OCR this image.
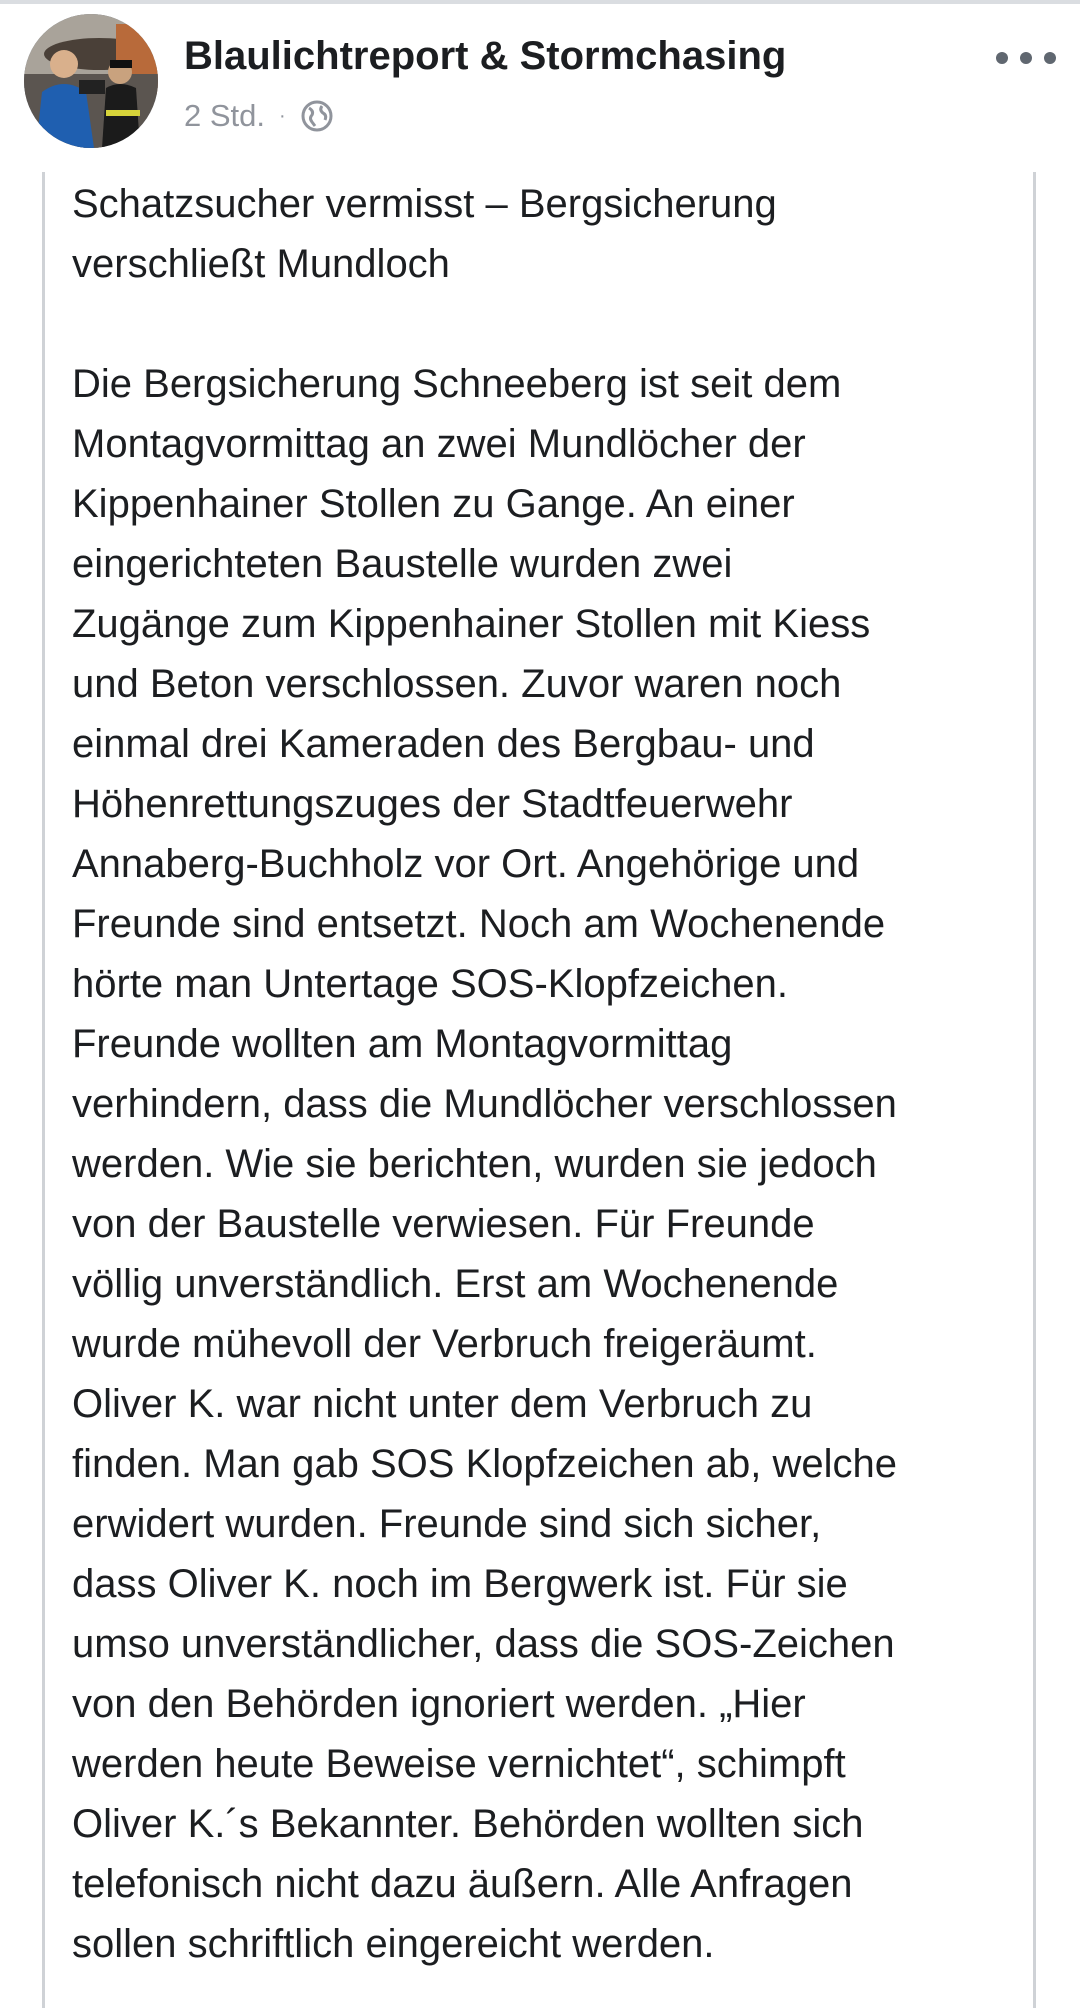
Blaulichtreport & Stormchasing
2 Std. ·

Schatzsucher vermisst – Bergsicherung
verschließt Mundloch

Die Bergsicherung Schneeberg ist seit dem
Montagvormittag an zwei Mundlöcher der
Kippenhainer Stollen zu Gange. An einer
eingerichteten Baustelle wurden zwei
Zugänge zum Kippenhainer Stollen mit Kiess
und Beton verschlossen. Zuvor waren noch
einmal drei Kameraden des Bergbau- und
Höhenrettungszuges der Stadtfeuerwehr
Annaberg-Buchholz vor Ort. Angehörige und
Freunde sind entsetzt. Noch am Wochenende
hörte man Untertage SOS-Klopfzeichen.
Freunde wollten am Montagvormittag
verhindern, dass die Mundlöcher verschlossen
werden. Wie sie berichten, wurden sie jedoch
von der Baustelle verwiesen. Für Freunde
völlig unverständlich. Erst am Wochenende
wurde mühevoll der Verbruch freigeräumt.
Oliver K. war nicht unter dem Verbruch zu
finden. Man gab SOS Klopfzeichen ab, welche
erwidert wurden. Freunde sind sich sicher,
dass Oliver K. noch im Bergwerk ist. Für sie
umso unverständlicher, dass die SOS-Zeichen
von den Behörden ignoriert werden. „Hier
werden heute Beweise vernichtet“, schimpft
Oliver K.´s Bekannter. Behörden wollten sich
telefonisch nicht dazu äußern. Alle Anfragen
sollen schriftlich eingereicht werden.
